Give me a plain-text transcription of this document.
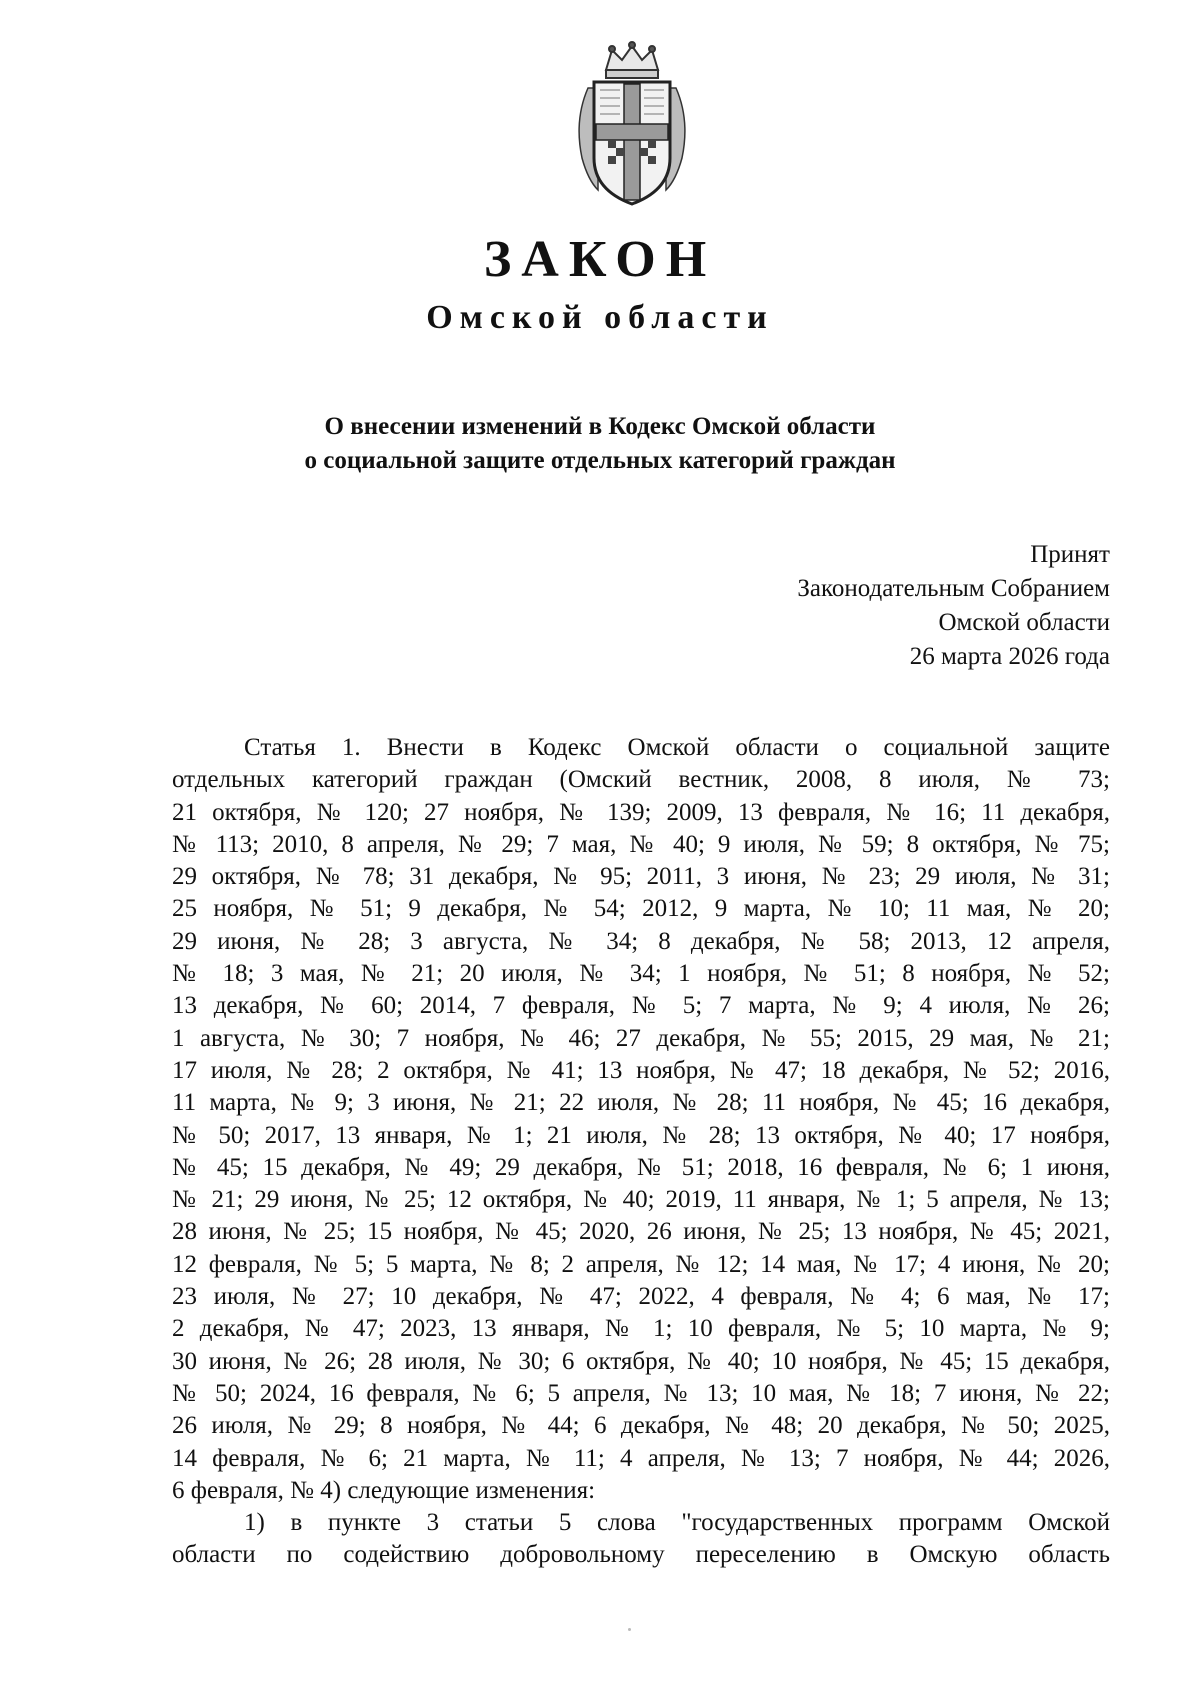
ЗАКОН
Омской области
О внесении изменений в Кодекс Омской области
о социальной защите отдельных категорий граждан
Принят
Законодательным Собранием
Омской области
26 марта 2026 года
Статья 1. Внести в Кодекс Омской области о социальной защите
отдельных категорий граждан (Омский вестник, 2008, 8 июля, № 73;
21 октября, № 120; 27 ноября, № 139; 2009, 13 февраля, № 16; 11 декабря,
№ 113; 2010, 8 апреля, № 29; 7 мая, № 40; 9 июля, № 59; 8 октября, № 75;
29 октября, № 78; 31 декабря, № 95; 2011, 3 июня, № 23; 29 июля, № 31;
25 ноября, № 51; 9 декабря, № 54; 2012, 9 марта, № 10; 11 мая, № 20;
29 июня, № 28; 3 августа, № 34; 8 декабря, № 58; 2013, 12 апреля,
№ 18; 3 мая, № 21; 20 июля, № 34; 1 ноября, № 51; 8 ноября, № 52;
13 декабря, № 60; 2014, 7 февраля, № 5; 7 марта, № 9; 4 июля, № 26;
1 августа, № 30; 7 ноября, № 46; 27 декабря, № 55; 2015, 29 мая, № 21;
17 июля, № 28; 2 октября, № 41; 13 ноября, № 47; 18 декабря, № 52; 2016,
11 марта, № 9; 3 июня, № 21; 22 июля, № 28; 11 ноября, № 45; 16 декабря,
№ 50; 2017, 13 января, № 1; 21 июля, № 28; 13 октября, № 40; 17 ноября,
№ 45; 15 декабря, № 49; 29 декабря, № 51; 2018, 16 февраля, № 6; 1 июня,
№ 21; 29 июня, № 25; 12 октября, № 40; 2019, 11 января, № 1; 5 апреля, № 13;
28 июня, № 25; 15 ноября, № 45; 2020, 26 июня, № 25; 13 ноября, № 45; 2021,
12 февраля, № 5; 5 марта, № 8; 2 апреля, № 12; 14 мая, № 17; 4 июня, № 20;
23 июля, № 27; 10 декабря, № 47; 2022, 4 февраля, № 4; 6 мая, № 17;
2 декабря, № 47; 2023, 13 января, № 1; 10 февраля, № 5; 10 марта, № 9;
30 июня, № 26; 28 июля, № 30; 6 октября, № 40; 10 ноября, № 45; 15 декабря,
№ 50; 2024, 16 февраля, № 6; 5 апреля, № 13; 10 мая, № 18; 7 июня, № 22;
26 июля, № 29; 8 ноября, № 44; 6 декабря, № 48; 20 декабря, № 50; 2025,
14 февраля, № 6; 21 марта, № 11; 4 апреля, № 13; 7 ноября, № 44; 2026,
6 февраля, № 4) следующие изменения:
1) в пункте 3 статьи 5 слова "государственных программ Омской
области по содействию добровольному переселению в Омскую область
